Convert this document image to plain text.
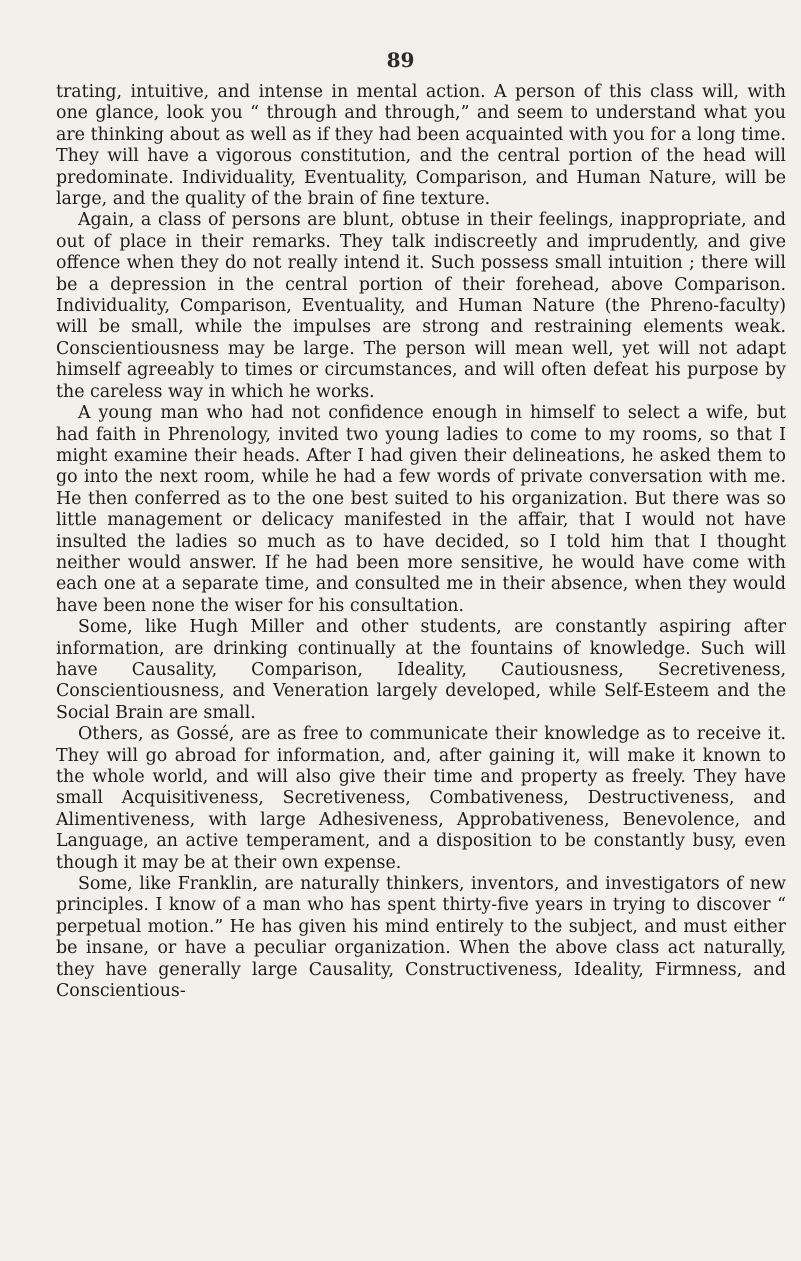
89

trating, intuitive, and intense in mental action. A person of this class will, with one glance, look you “ through and through,” and seem to understand what you are thinking about as well as if they had been acquainted with you for a long time. They will have a vigorous constitution, and the central portion of the head will predominate. Individuality, Eventuality, Comparison, and Human Nature, will be large, and the quality of the brain of fine texture.

Again, a class of persons are blunt, obtuse in their feelings, inappropriate, and out of place in their remarks. They talk indiscreetly and imprudently, and give offence when they do not really intend it. Such possess small intuition ; there will be a depression in the central portion of their forehead, above Comparison. Individuality, Comparison, Eventuality, and Human Nature (the Phreno-faculty) will be small, while the impulses are strong and restraining elements weak. Conscientiousness may be large. The person will mean well, yet will not adapt himself agreeably to times or circumstances, and will often defeat his purpose by the careless way in which he works.

A young man who had not confidence enough in himself to select a wife, but had faith in Phrenology, invited two young ladies to come to my rooms, so that I might examine their heads. After I had given their delineations, he asked them to go into the next room, while he had a few words of private conversation with me. He then conferred as to the one best suited to his organization. But there was so little management or delicacy manifested in the affair, that I would not have insulted the ladies so much as to have decided, so I told him that I thought neither would answer. If he had been more sensitive, he would have come with each one at a separate time, and consulted me in their absence, when they would have been none the wiser for his consultation.

Some, like Hugh Miller and other students, are constantly aspiring after information, are drinking continually at the fountains of knowledge. Such will have Causality, Comparison, Ideality, Cautiousness, Secretiveness, Conscientiousness, and Veneration largely developed, while Self-Esteem and the Social Brain are small.

Others, as Gossé, are as free to communicate their knowledge as to receive it. They will go abroad for information, and, after gaining it, will make it known to the whole world, and will also give their time and property as freely. They have small Acquisitiveness, Secretiveness, Combativeness, Destructiveness, and Alimentiveness, with large Adhesiveness, Approbativeness, Benevolence, and Language, an active temperament, and a disposition to be constantly busy, even though it may be at their own expense.

Some, like Franklin, are naturally thinkers, inventors, and investigators of new principles. I know of a man who has spent thirty-five years in trying to discover “ perpetual motion.” He has given his mind entirely to the subject, and must either be insane, or have a peculiar organization. When the above class act naturally, they have generally large Causality, Constructiveness, Ideality, Firmness, and Conscientious-
